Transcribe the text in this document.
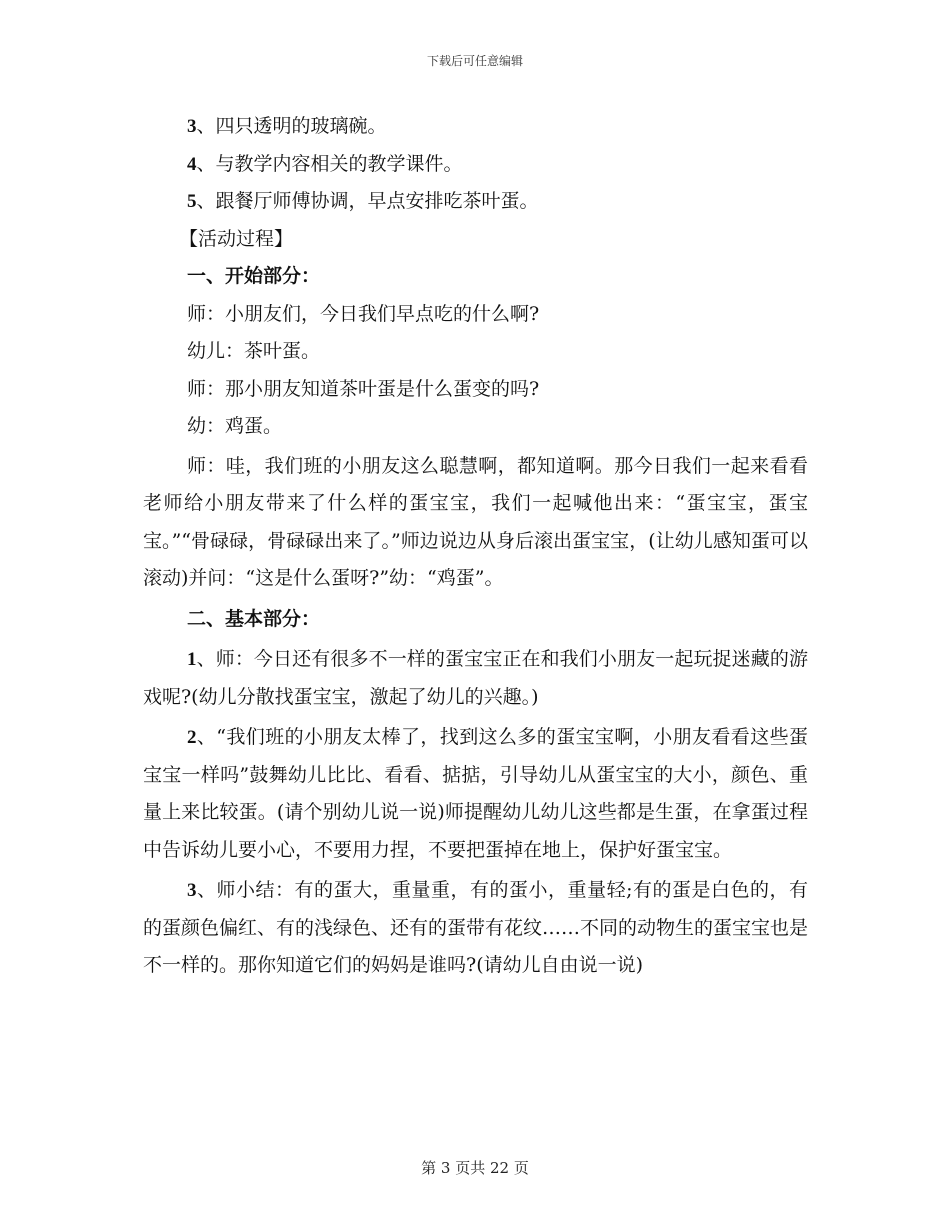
下载后可任意编辑

3、四只透明的玻璃碗。

4、与教学内容相关的教学课件。

5、跟餐厅师傅协调，早点安排吃茶叶蛋。

【活动过程】

一、开始部分：

师：小朋友们，今日我们早点吃的什么啊?

幼儿：茶叶蛋。

师：那小朋友知道茶叶蛋是什么蛋变的吗?

幼：鸡蛋。

师：哇，我们班的小朋友这么聪慧啊，都知道啊。那今日我们一起来看看老师给小朋友带来了什么样的蛋宝宝，我们一起喊他出来：“蛋宝宝，蛋宝宝。”“骨碌碌，骨碌碌出来了。”师边说边从身后滚出蛋宝宝，(让幼儿感知蛋可以滚动)并问：“这是什么蛋呀?”幼：“鸡蛋”。

二、基本部分：

1、师：今日还有很多不一样的蛋宝宝正在和我们小朋友一起玩捉迷藏的游戏呢?(幼儿分散找蛋宝宝，激起了幼儿的兴趣。)

2、“我们班的小朋友太棒了，找到这么多的蛋宝宝啊，小朋友看看这些蛋宝宝一样吗”鼓舞幼儿比比、看看、掂掂，引导幼儿从蛋宝宝的大小，颜色、重量上来比较蛋。(请个别幼儿说一说)师提醒幼儿幼儿这些都是生蛋，在拿蛋过程中告诉幼儿要小心，不要用力捏，不要把蛋掉在地上，保护好蛋宝宝。

3、师小结：有的蛋大，重量重，有的蛋小，重量轻;有的蛋是白色的，有的蛋颜色偏红、有的浅绿色、还有的蛋带有花纹……不同的动物生的蛋宝宝也是不一样的。那你知道它们的妈妈是谁吗?(请幼儿自由说一说)

第 3 页共 22 页
